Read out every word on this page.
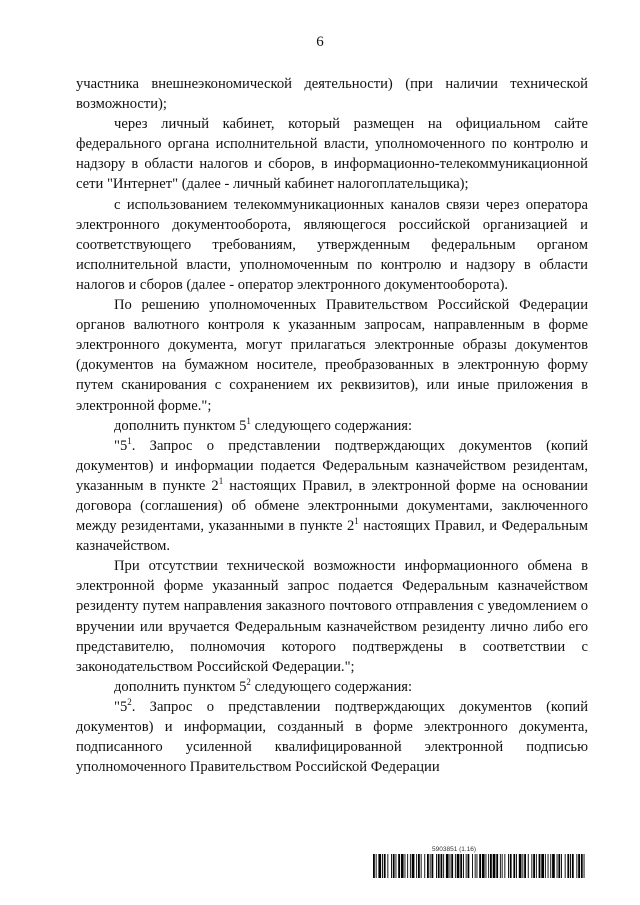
6

участника внешнеэкономической деятельности) (при наличии технической возможности);

через личный кабинет, который размещен на официальном сайте федерального органа исполнительной власти, уполномоченного по контролю и надзору в области налогов и сборов, в информационно-телекоммуникационной сети "Интернет" (далее - личный кабинет налогоплательщика);

с использованием телекоммуникационных каналов связи через оператора электронного документооборота, являющегося российской организацией и соответствующего требованиям, утвержденным федеральным органом исполнительной власти, уполномоченным по контролю и надзору в области налогов и сборов (далее - оператор электронного документооборота).

По решению уполномоченных Правительством Российской Федерации органов валютного контроля к указанным запросам, направленным в форме электронного документа, могут прилагаться электронные образы документов (документов на бумажном носителе, преобразованных в электронную форму путем сканирования с сохранением их реквизитов), или иные приложения в электронной форме.";

дополнить пунктом $5^1$ следующего содержания:

"$5^1$. Запрос о представлении подтверждающих документов (копий документов) и информации подается Федеральным казначейством резидентам, указанным в пункте $2^1$ настоящих Правил, в электронной форме на основании договора (соглашения) об обмене электронными документами, заключенного между резидентами, указанными в пункте $2^1$ настоящих Правил, и Федеральным казначейством.

При отсутствии технической возможности информационного обмена в электронной форме указанный запрос подается Федеральным казначейством резиденту путем направления заказного почтового отправления с уведомлением о вручении или вручается Федеральным казначейством резиденту лично либо его представителю, полномочия которого подтверждены в соответствии с законодательством Российской Федерации.";

дополнить пунктом $5^2$ следующего содержания:

"$5^2$. Запрос о представлении подтверждающих документов (копий документов) и информации, созданный в форме электронного документа, подписанного усиленной квалифицированной электронной подписью уполномоченного Правительством Российской Федерации

5903851 (1.16)
